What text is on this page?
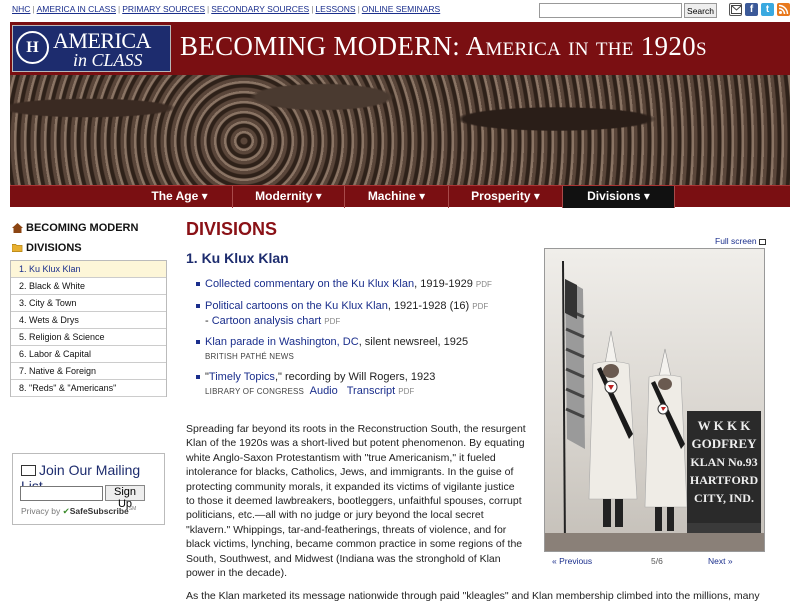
NHC | AMERICA IN CLASS | PRIMARY SOURCES | SECONDARY SOURCES | LESSONS | ONLINE SEMINARS	Search	f	t
H AMERICA
in CLASS BECOMING MODERN: America in the 1920s
The Age ▾	Modernity ▾	Machine ▾	Prosperity ▾	Divisions ▾
BECOMING MODERN
DIVISIONS
1. Ku Klux Klan
2. Black & White
3. City & Town
4. Wets & Drys
5. Religion & Science
6. Labor & Capital
7. Native & Foreign
8. "Reds" & "Americans"
Join Our Mailing
Sign Up
Privacy by ✔SafeSubscribe℠
DIVISIONS
1. Ku Klux Klan
Collected commentary on the Ku Klux Klan, 1919-1929 PDF
Political cartoons on the Ku Klux Klan, 1921-1928 (16) PDF
- Cartoon analysis chart PDF
Klan parade in Washington, DC, silent newsreel, 1925
BRITISH PATHÉ NEWS
"Timely Topics," recording by Will Rogers, 1923
LIBRARY OF CONGRESS Audio Transcript PDF
Spreading far beyond its roots in the Reconstruction South, the resurgent Klan of the 1920s was a short-lived but potent phenomenon. By equating white Anglo-Saxon Protestantism with "true Americanism," it fueled intolerance for blacks, Catholics, Jews, and immigrants. In the guise of protecting community morals, it expanded its victims of vigilante justice to those it deemed lawbreakers, bootleggers, unfaithful spouses, corrupt politicians, etc.—all with no judge or jury beyond the local secret "klavern." Whippings, tar-and-featherings, threats of violence, and for black victims, lynching, became common practice in some regions of the South, Southwest, and Midwest (Indiana was the stronghold of Klan power in the decade).
As the Klan marketed its message nationwide through paid "kleagles" and Klan membership climbed into the millions, many
Full screen
W K K K
GODFREY
KLAN No.93
HARTFORD
CITY, IND.
« Previous	5/6	Next »
